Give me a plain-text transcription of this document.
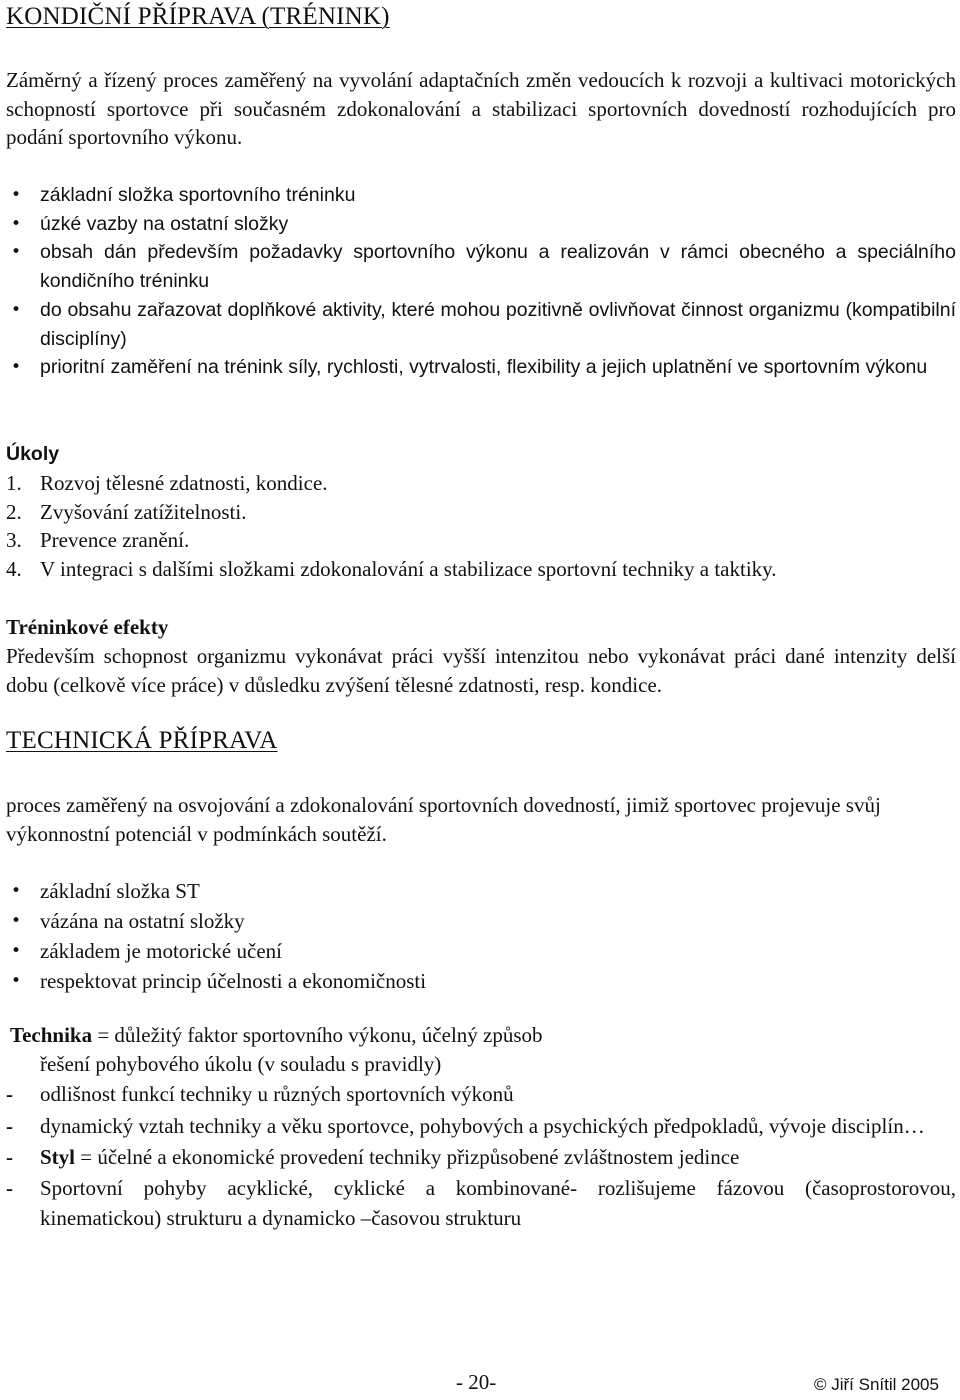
KONDIČNÍ PŘÍPRAVA (TRÉNINK)
Záměrný a řízený proces zaměřený na vyvolání adaptačních změn vedoucích k rozvoji a kultivaci motorických schopností sportovce při současném zdokonalování a stabilizaci sportovních dovedností rozhodujících pro podání sportovního výkonu.
• základní složka sportovního tréninku
• úzké vazby na ostatní složky
• obsah dán především požadavky sportovního výkonu a realizován v rámci obecného a speciálního kondičního tréninku
• do obsahu zařazovat doplňkové aktivity, které mohou pozitivně ovlivňovat činnost organizmu (kompatibilní disciplíny)
• prioritní zaměření na trénink síly, rychlosti, vytrvalosti, flexibility a jejich uplatnění ve sportovním výkonu
Úkoly
1. Rozvoj tělesné zdatnosti, kondice.
2. Zvyšování zatížitelnosti.
3. Prevence zranění.
4. V integraci s dalšími složkami zdokonalování a stabilizace sportovní techniky a taktiky.
Tréninkové efekty
Především schopnost organizmu vykonávat práci vyšší intenzitou nebo vykonávat práci dané intenzity delší dobu (celkově více práce) v důsledku zvýšení tělesné zdatnosti, resp. kondice.
TECHNICKÁ PŘÍPRAVA
proces zaměřený na osvojování a zdokonalování sportovních dovedností, jimiž sportovec projevuje svůj výkonnostní potenciál v podmínkách soutěží.
• základní složka ST
• vázána na ostatní složky
• základem je motorické učení
• respektovat princip účelnosti a ekonomičnosti
Technika = důležitý faktor sportovního výkonu, účelný způsob
řešení pohybového úkolu (v souladu s pravidly)
- odlišnost funkcí techniky u různých sportovních výkonů
- dynamický vztah techniky a věku sportovce, pohybových a psychických předpokladů, vývoje disciplín…
- Styl = účelné a ekonomické provedení techniky přizpůsobené zvláštnostem jedince
- Sportovní pohyby acyklické, cyklické a kombinované- rozlišujeme fázovou (časoprostorovou, kinematickou) strukturu a dynamicko –časovou strukturu
- 20-	© Jiří Snítil 2005
